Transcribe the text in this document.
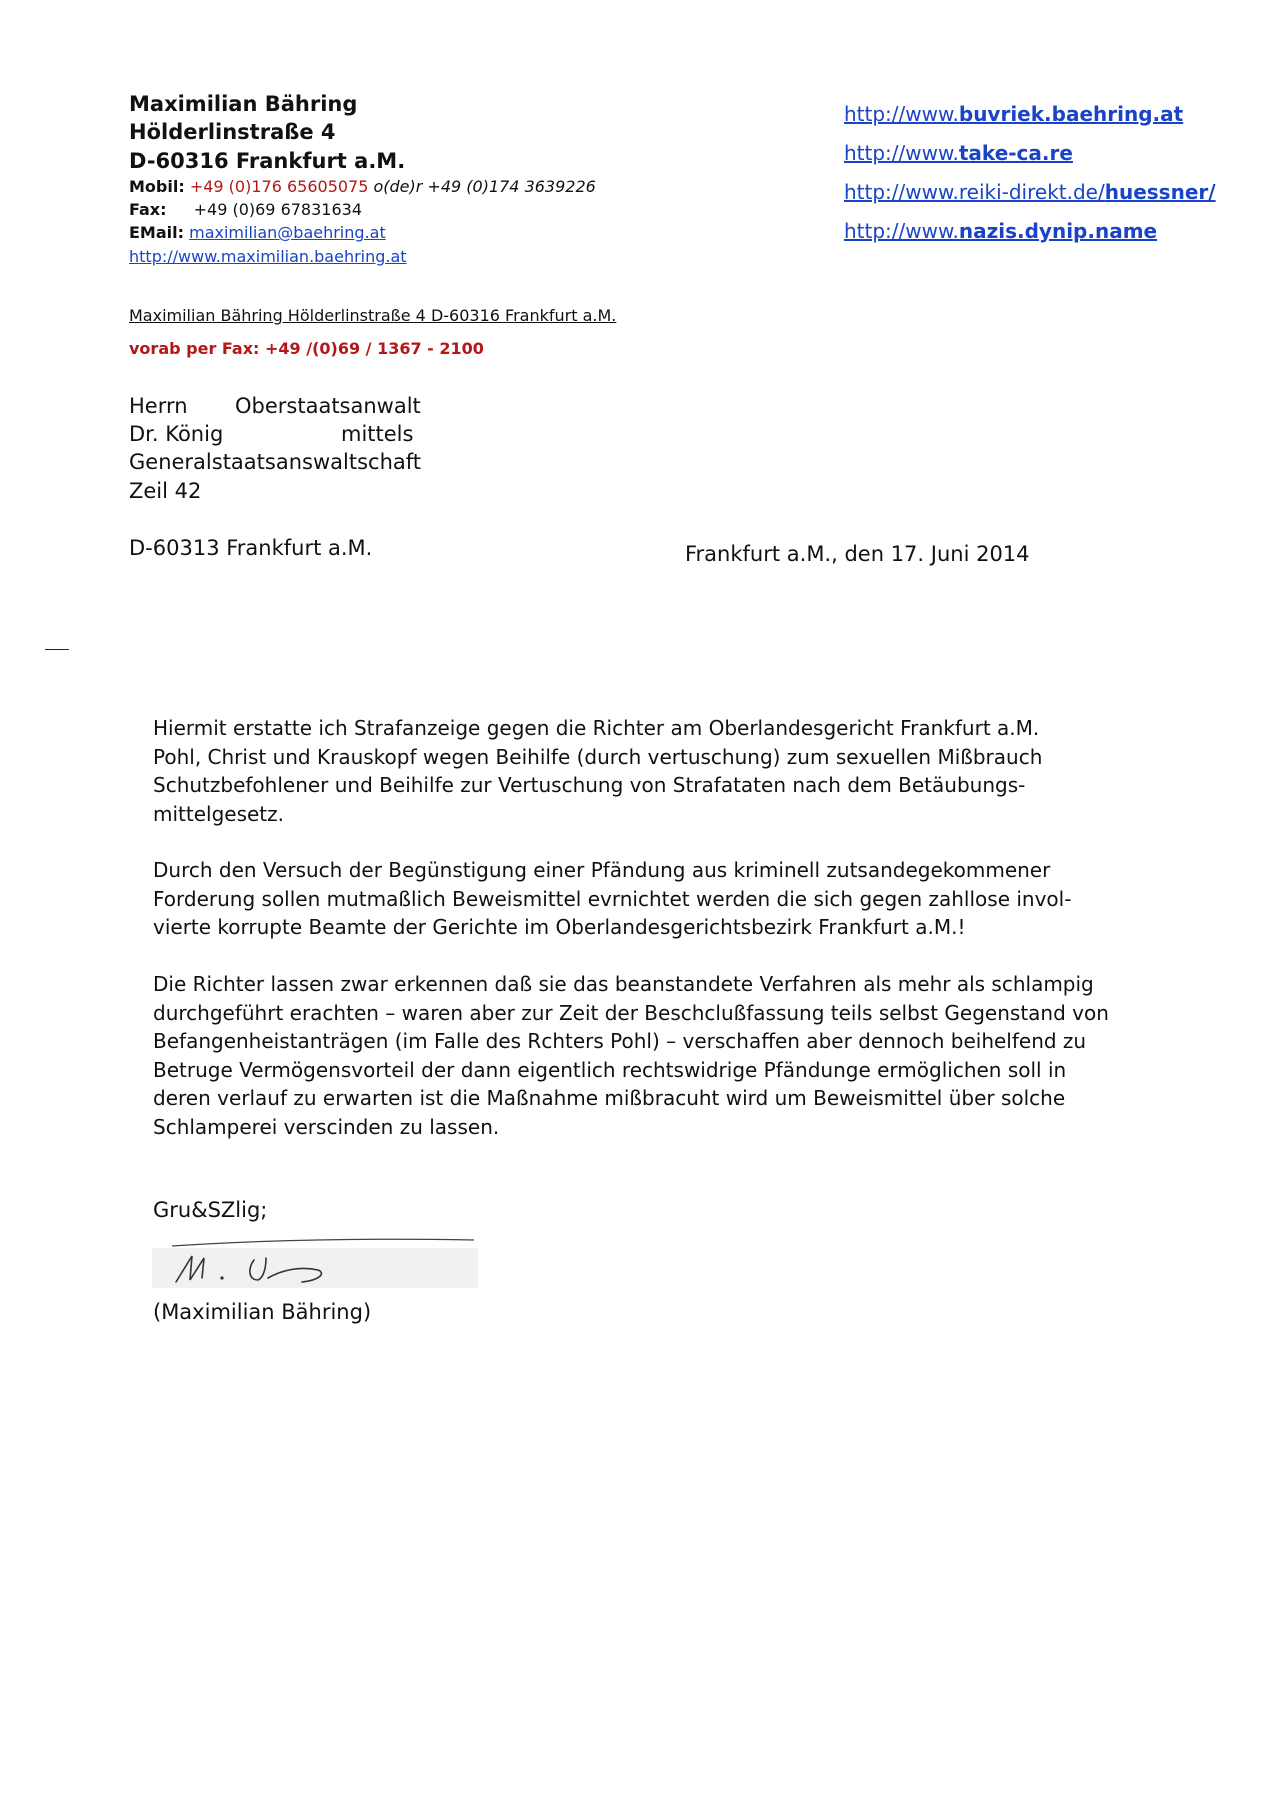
Maximilian Bähring
Hölderlinstraße 4
D-60316 Frankfurt a.M.
Mobil: +49 (0)176 65605075 o(de)r +49 (0)174 3639226
Fax: +49 (0)69 67831634
EMail: maximilian@baehring.at
http://www.maximilian.baehring.at
http://www.buvriek.baehring.at
http://www.take-ca.re
http://www.reiki-direkt.de/huessner/
http://www.nazis.dynip.name
Maximilian Bähring Hölderlinstraße 4 D-60316 Frankfurt a.M.
vorab per Fax: +49 /(0)69 / 1367 - 2100
Herrn Oberstaatsanwalt
Dr. König	mittels
Generalstaatsanswaltschaft
Zeil 42
D-60313 Frankfurt a.M.	Frankfurt a.M., den 17. Juni 2014
Hiermit erstatte ich Strafanzeige gegen die Richter am Oberlandesgericht Frankfurt a.M.
Pohl, Christ und Krauskopf wegen Beihilfe (durch vertuschung) zum sexuellen Mißbrauch
Schutzbefohlener und Beihilfe zur Vertuschung von Strafataten nach dem Betäubungs-
mittelgesetz.
Durch den Versuch der Begünstigung einer Pfändung aus kriminell zutsandegekommener
Forderung sollen mutmaßlich Beweismittel evrnichtet werden die sich gegen zahllose invol-
vierte korrupte Beamte der Gerichte im Oberlandesgerichtsbezirk Frankfurt a.M.!
Die Richter lassen zwar erkennen daß sie das beanstandete Verfahren als mehr als schlampig
durchgeführt erachten – waren aber zur Zeit der Beschclußfassung teils selbst Gegenstand von
Befangenheistanträgen (im Falle des Rchters Pohl) – verschaffen aber dennoch beihelfend zu
Betruge Vermögensvorteil der dann eigentlich rechtswidrige Pfändunge ermöglichen soll in
deren verlauf zu erwarten ist die Maßnahme mißbracuht wird um Beweismittel über solche
Schlamperei verscinden zu lassen.
Gru&SZlig;
(Maximilian Bähring)
